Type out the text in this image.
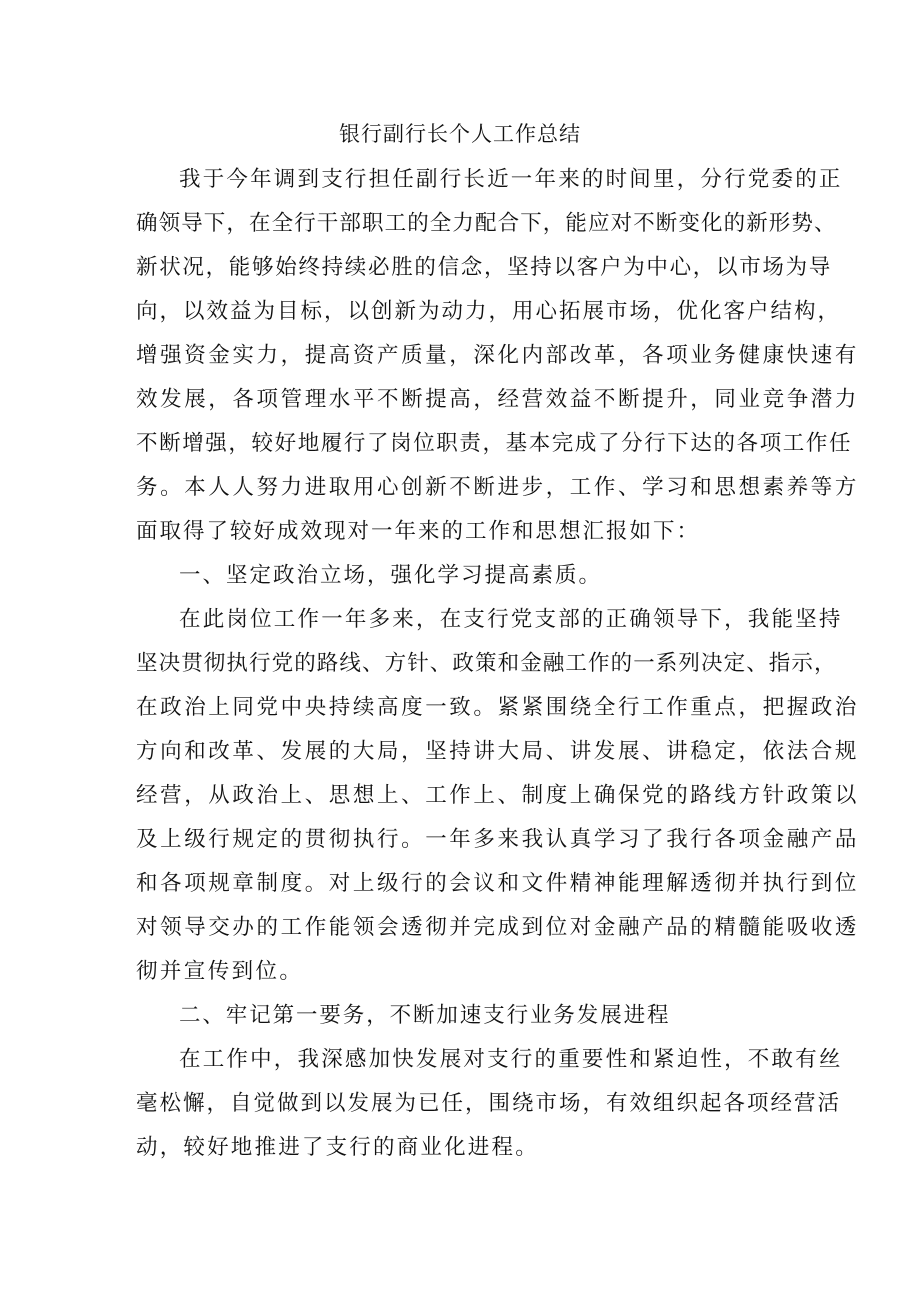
银行副行长个人工作总结
我于今年调到支行担任副行长近一年来的时间里，分行党委的正
确领导下，在全行干部职工的全力配合下，能应对不断变化的新形势、
新状况，能够始终持续必胜的信念，坚持以客户为中心，以市场为导
向，以效益为目标，以创新为动力，用心拓展市场，优化客户结构，
增强资金实力，提高资产质量，深化内部改革，各项业务健康快速有
效发展，各项管理水平不断提高，经营效益不断提升，同业竞争潜力
不断增强，较好地履行了岗位职责，基本完成了分行下达的各项工作任
务。本人人努力进取用心创新不断进步，工作、学习和思想素养等方
面取得了较好成效现对一年来的工作和思想汇报如下：
一、坚定政治立场，强化学习提高素质。
在此岗位工作一年多来，在支行党支部的正确领导下，我能坚持
坚决贯彻执行党的路线、方针、政策和金融工作的一系列决定、指示，
在政治上同党中央持续高度一致。紧紧围绕全行工作重点，把握政治
方向和改革、发展的大局，坚持讲大局、讲发展、讲稳定，依法合规
经营，从政治上、思想上、工作上、制度上确保党的路线方针政策以
及上级行规定的贯彻执行。一年多来我认真学习了我行各项金融产品
和各项规章制度。对上级行的会议和文件精神能理解透彻并执行到位
对领导交办的工作能领会透彻并完成到位对金融产品的精髓能吸收透
彻并宣传到位。
二、牢记第一要务，不断加速支行业务发展进程
在工作中，我深感加快发展对支行的重要性和紧迫性，不敢有丝
毫松懈，自觉做到以发展为已任，围绕市场，有效组织起各项经营活
动，较好地推进了支行的商业化进程。
